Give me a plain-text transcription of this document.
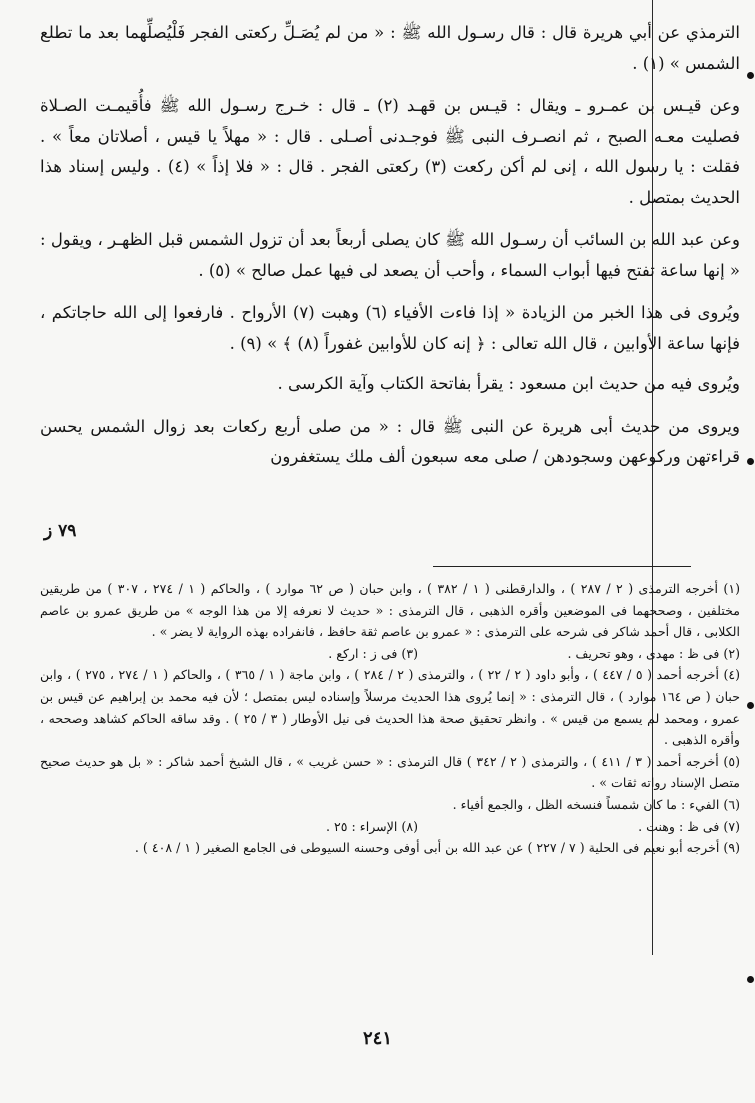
الترمذي عن أبي هريرة قال : قال رسـول الله ﷺ : « من لم يُصَـلِّ ركعتى الفجر فَلْيُصلِّهما بعد ما تطلع الشمس » (١) .

وعن قيـس بن عمـرو ـ ويقال : قيـس بن قهـد (٢) ـ قال : خـرج رسـول الله ﷺ فأُقيمـت الصـلاة فصليت معـه الصبح ، ثم انصـرف النبى ﷺ فوجـدنى أصـلى . قال : « مهلاً يا قيس ، أصلاتان معاً » . فقلت : يا رسول الله ، إنى لم أكن ركعت (٣) ركعتى الفجر . قال : « فلا إذاً » (٤) . وليس إسناد هذا الحديث بمتصل .

وعن عبد الله بن السائب أن رسـول الله ﷺ كان يصلى أربعاً بعد أن تزول الشمس قبل الظهـر ، ويقول : « إنها ساعة تفتح فيها أبواب السماء ، وأحب أن يصعد لى فيها عمل صالح » (٥) .

ويُروى فى هذا الخبر من الزيادة « إذا فاءت الأفياء (٦) وهبت (٧) الأرواح . فارفعوا إلى الله حاجاتكم ، فإنها ساعة الأوابين ، قال الله تعالى : ﴿ إنه كان للأوابين غفوراً (٨) ﴾ » (٩) .

ويُروى فيه من حديث ابن مسعود : يقرأ بفاتحة الكتاب وآية الكرسى .

ويروى من حديث أبى هريرة عن النبى ﷺ قال : « من صلى أربع ركعات بعد زوال الشمس يحسن قراءتهن وركوعهن وسجودهن / صلى معه سبعون ألف ملك يستغفرون

٧٩ ز

(١) أخرجه الترمذى ( ٢ / ٢٨٧ ) ، والدارقطنى ( ١ / ٣٨٢ ) ، وابن حبان ( ص ٦٢ موارد ) ، والحاكم ( ١ / ٢٧٤ ، ٣٠٧ ) من طريقين مختلفين ، وصححهما فى الموضعين وأقره الذهبى ، قال الترمذى : « حديث لا نعرفه إلا من هذا الوجه » من طريق عمرو بن عاصم الكلابى ، قال أحمد شاكر فى شرحه على الترمذى : « عمرو بن عاصم ثقة حافظ ، فانفراده بهذه الرواية لا يضر » .

(٢) فى ظ : مهدى ، وهو تحريف .
(٣) فى ز : اركع .

(٤) أخرجه أحمد ( ٥ / ٤٤٧ ) ، وأبو داود ( ٢ / ٢٢ ) ، والترمذى ( ٢ / ٢٨٤ ) ، وابن ماجة ( ١ / ٣٦٥ ) ، والحاكم ( ١ / ٢٧٤ ، ٢٧٥ ) ، وابن حبان ( ص ١٦٤ موارد ) ، قال الترمذى : « إنما يُروى هذا الحديث مرسلاً وإسناده ليس بمتصل ؛ لأن فيه محمد بن إبراهيم عن قيس بن عمرو ، ومحمد لم يسمع من قيس » . وانظر تحقيق صحة هذا الحديث فى نيل الأوطار ( ٣ / ٢٥ ) . وقد ساقه الحاكم كشاهد وصححه ، وأقره الذهبى .

(٥) أخرجه أحمد ( ٣ / ٤١١ ) ، والترمذى ( ٢ / ٣٤٢ ) قال الترمذى : « حسن غريب » ، قال الشيخ أحمد شاكر : « بل هو حديث صحيح متصل الإسناد رواته ثقات » .

(٦) الفيء : ما كان شمساً فنسخه الظل ، والجمع أفياء .

(٧) فى ظ : وهنت .
(٨) الإسراء : ٢٥ .

(٩) أخرجه أبو نعيم فى الحلية ( ٧ / ٢٢٧ ) عن عبد الله بن أبى أوفى وحسنه السيوطى فى الجامع الصغير ( ١ / ٤٠٨ ) .

٢٤١
